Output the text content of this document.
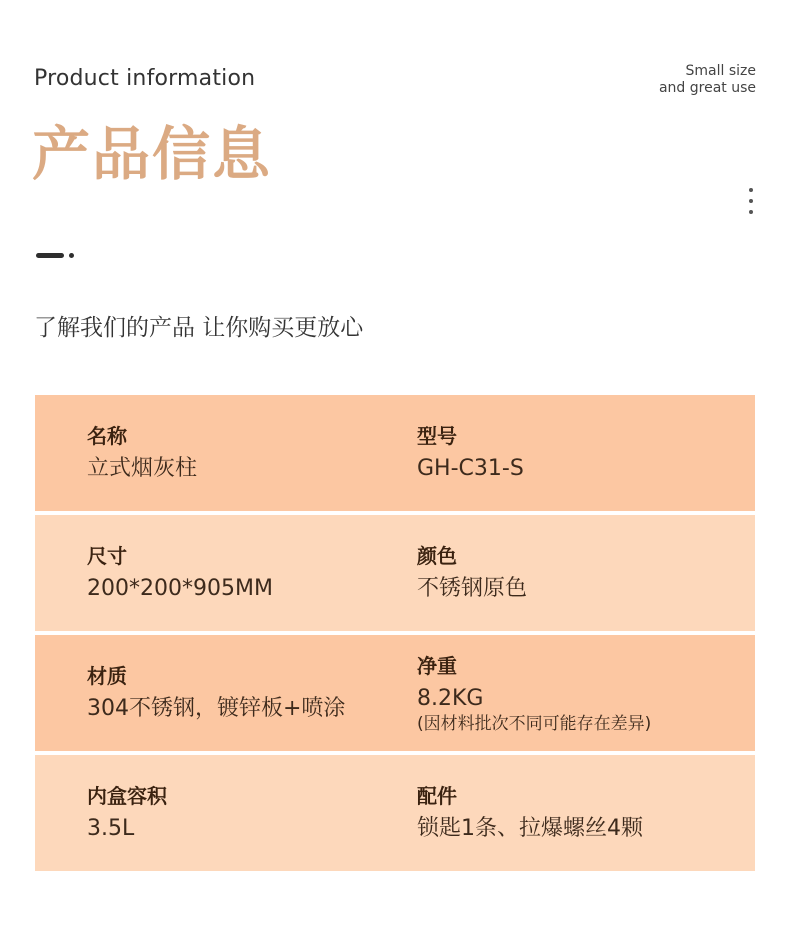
Product information	Small size
and great use
产品信息
了解我们的产品 让你购买更放心
名称
立式烟灰柱
型号
GH-C31-S
尺寸
200*200*905MM
颜色
不锈钢原色
材质
304不锈钢，镀锌板+喷涂
净重
8.2KG
(因材料批次不同可能存在差异)
内盒容积
3.5L
配件
锁匙1条、拉爆螺丝4颗
